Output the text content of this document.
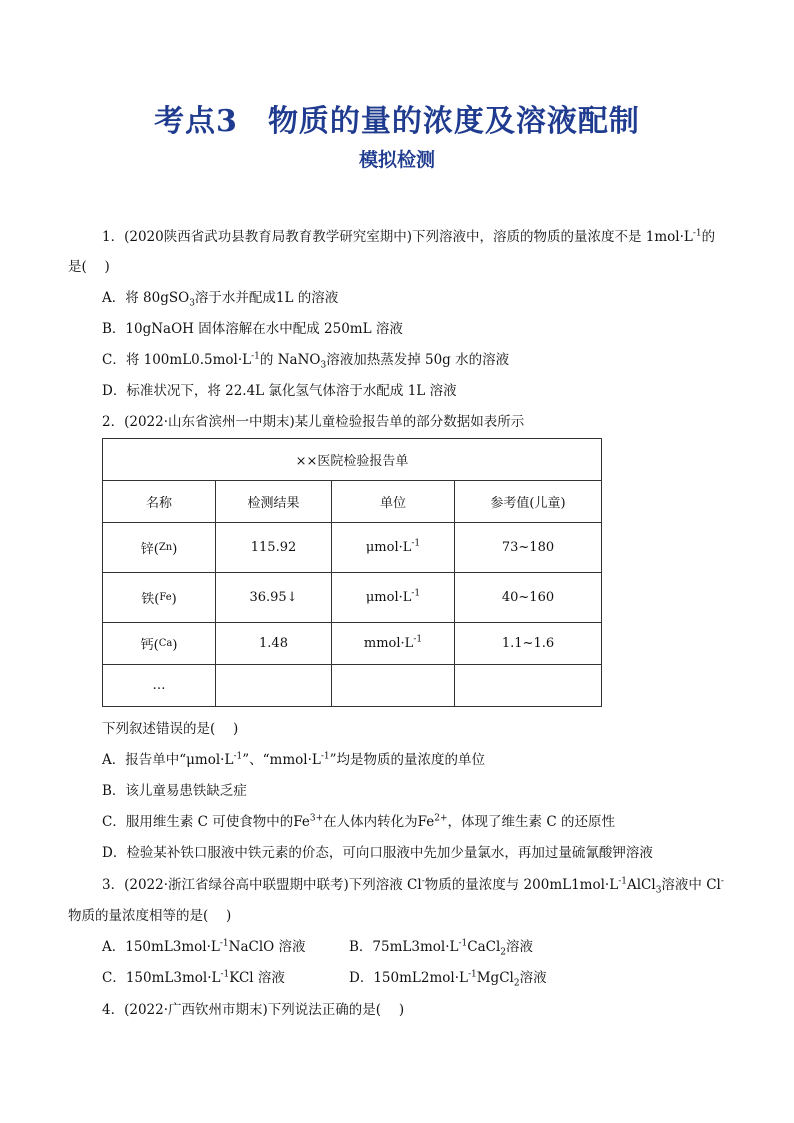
考点3 物质的量的浓度及溶液配制
模拟检测
1．(2020陕西省武功县教育局教育教学研究室期中)下列溶液中，溶质的物质的量浓度不是 $1mol\cdot L^{-1}$的
是(　 )
A．将 80gSO$_3$溶于水并配成1L 的溶液
B．10gNaOH 固体溶解在水中配成 250mL 溶液
C．将 $100mL0.5mol\cdot L^{-1}$的 NaNO$_3$溶液加热蒸发掉 50g 水的溶液
D．标准状况下，将 22.4L 氯化氢气体溶于水配成 1L 溶液
2．(2022·山东省滨州一中期末)某儿童检验报告单的部分数据如表所示
××医院检验报告单			
名称	检测结果	单位	参考值(儿童)
锌($^{Zn}$)	115.92	$\mu mol\cdot L^{-1}$	73~180
铁($^{Fe}$)	36.95↓	$\mu mol\cdot L^{-1}$	40~160
钙($^{Ca}$)	1.48	$mmol\cdot L^{-1}$	1.1~1.6
…			
下列叙述错误的是(　 )
A．报告单中“$\mu mol\cdot L^{-1}$”、“$mmol\cdot L^{-1}$”均是物质的量浓度的单位
B．该儿童易患铁缺乏症
C．服用维生素 C 可使食物中的$Fe^{3+}$在人体内转化为$Fe^{2+}$，体现了维生素 C 的还原性
D．检验某补铁口服液中铁元素的价态，可向口服液中先加少量氯水，再加过量硫氰酸钾溶液
3．(2022·浙江省绿谷高中联盟期中联考)下列溶液 Cl-物质的量浓度与 $200mL1mol\cdot L^{-1}AlCl_3$溶液中 Cl-
物质的量浓度相等的是(　 )
A．$150mL3mol\cdot L^{-1}NaClO$ 溶液	B．$75mL3mol\cdot L^{-1}CaCl_2$溶液
C．$150mL3mol\cdot L^{-1}KCl$ 溶液	D．$150mL2mol\cdot L^{-1}MgCl_2$溶液
4．(2022·广西钦州市期末)下列说法正确的是(　 )
